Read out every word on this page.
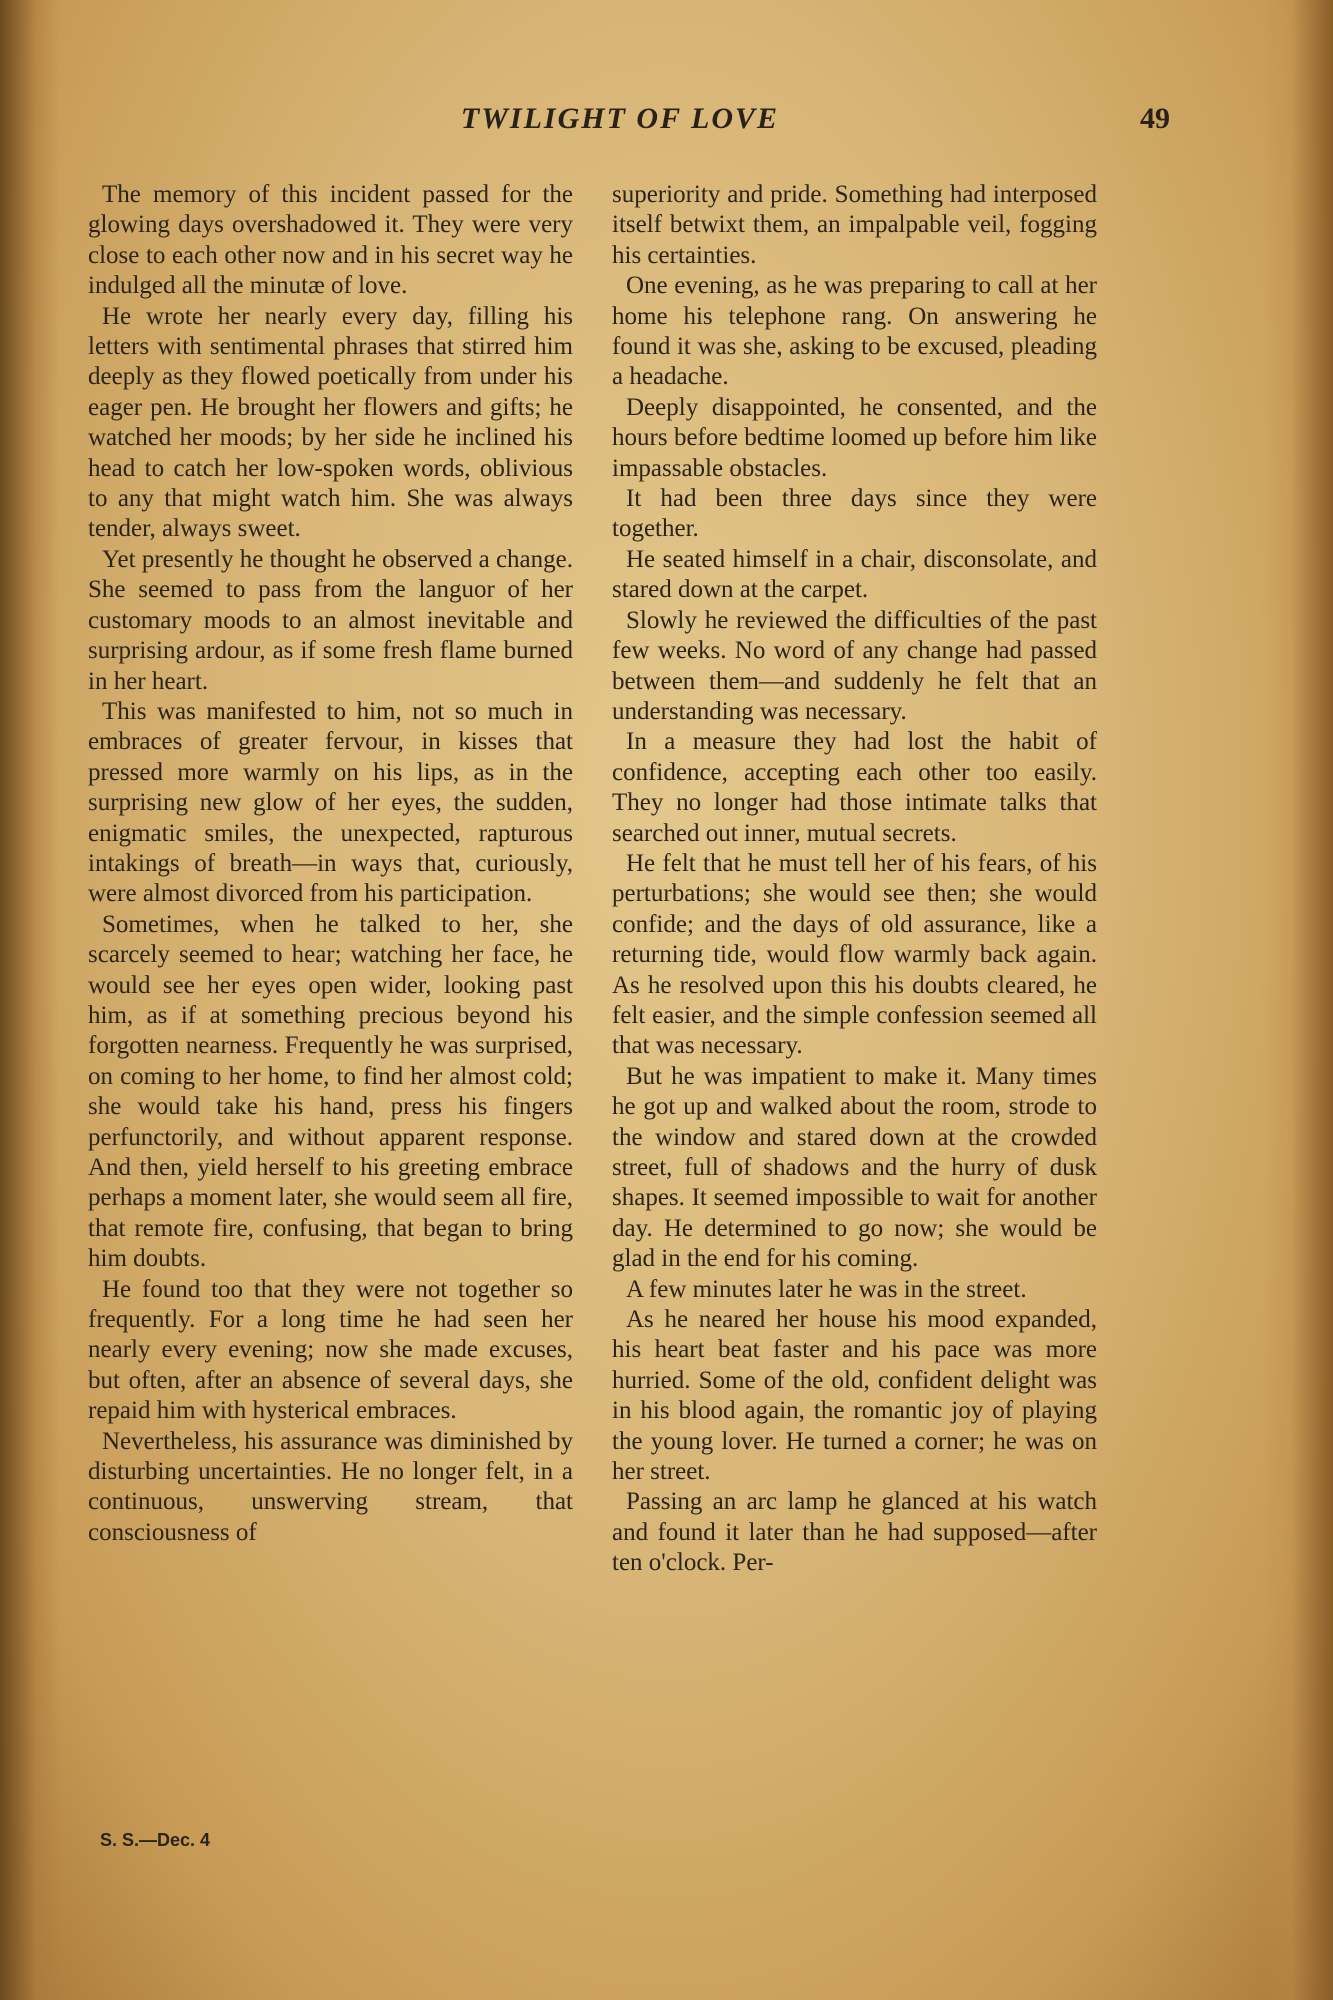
TWILIGHT OF LOVE	49

The memory of this incident passed for the glowing days overshadowed it. They were very close to each other now and in his secret way he indulged all the minutæ of love.

He wrote her nearly every day, filling his letters with sentimental phrases that stirred him deeply as they flowed poetically from under his eager pen. He brought her flowers and gifts; he watched her moods; by her side he inclined his head to catch her low-spoken words, oblivious to any that might watch him. She was always tender, always sweet.

Yet presently he thought he observed a change. She seemed to pass from the languor of her customary moods to an almost inevitable and surprising ardour, as if some fresh flame burned in her heart.

This was manifested to him, not so much in embraces of greater fervour, in kisses that pressed more warmly on his lips, as in the surprising new glow of her eyes, the sudden, enigmatic smiles, the unexpected, rapturous intakings of breath—in ways that, curiously, were almost divorced from his participation.

Sometimes, when he talked to her, she scarcely seemed to hear; watching her face, he would see her eyes open wider, looking past him, as if at something precious beyond his forgotten nearness. Frequently he was surprised, on coming to her home, to find her almost cold; she would take his hand, press his fingers perfunctorily, and without apparent response. And then, yield herself to his greeting embrace perhaps a moment later, she would seem all fire, that remote fire, confusing, that began to bring him doubts.

He found too that they were not together so frequently. For a long time he had seen her nearly every evening; now she made excuses, but often, after an absence of several days, she repaid him with hysterical embraces.

Nevertheless, his assurance was diminished by disturbing uncertainties. He no longer felt, in a continuous, unswerving stream, that consciousness of

superiority and pride. Something had interposed itself betwixt them, an impalpable veil, fogging his certainties.

One evening, as he was preparing to call at her home his telephone rang. On answering he found it was she, asking to be excused, pleading a headache.

Deeply disappointed, he consented, and the hours before bedtime loomed up before him like impassable obstacles.

It had been three days since they were together.

He seated himself in a chair, disconsolate, and stared down at the carpet.

Slowly he reviewed the difficulties of the past few weeks. No word of any change had passed between them—and suddenly he felt that an understanding was necessary.

In a measure they had lost the habit of confidence, accepting each other too easily. They no longer had those intimate talks that searched out inner, mutual secrets.

He felt that he must tell her of his fears, of his perturbations; she would see then; she would confide; and the days of old assurance, like a returning tide, would flow warmly back again. As he resolved upon this his doubts cleared, he felt easier, and the simple confession seemed all that was necessary.

But he was impatient to make it. Many times he got up and walked about the room, strode to the window and stared down at the crowded street, full of shadows and the hurry of dusk shapes. It seemed impossible to wait for another day. He determined to go now; she would be glad in the end for his coming.

A few minutes later he was in the street.

As he neared her house his mood expanded, his heart beat faster and his pace was more hurried. Some of the old, confident delight was in his blood again, the romantic joy of playing the young lover. He turned a corner; he was on her street.

Passing an arc lamp he glanced at his watch and found it later than he had supposed—after ten o'clock. Per-

S. S.—Dec. 4
